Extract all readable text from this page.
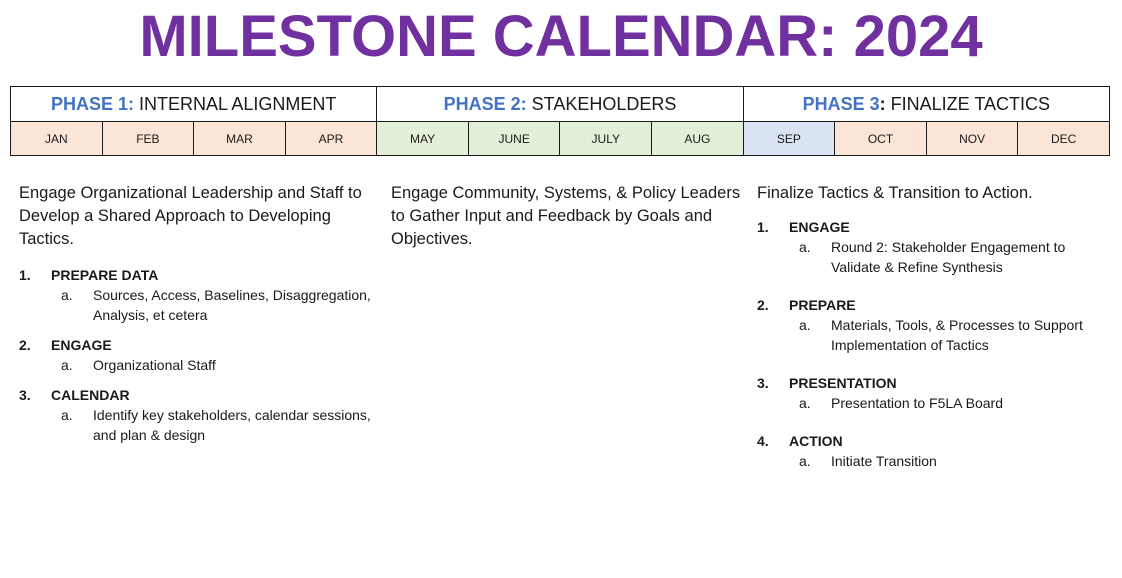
MILESTONE CALENDAR: 2024
PHASE 1: INTERNAL ALIGNMENT	PHASE 2: STAKEHOLDERS	PHASE 3 : FINALIZE TACTICS
JAN	FEB	MAR	APR	MAY	JUNE	JULY	AUG	SEP	OCT	NOV	DEC
Engage Organizational Leadership and Staff to Develop a Shared Approach to Developing Tactics.
1.	PREPARE DATA
a.	Sources, Access, Baselines, Disaggregation, Analysis, et cetera
2.	ENGAGE
a.	Organizational Staff
3.	CALENDAR
a.	Identify key stakeholders, calendar sessions, and plan & design
Engage Community, Systems, & Policy Leaders to Gather Input and Feedback by Goals and Objectives.
Finalize Tactics & Transition to Action.
1.	ENGAGE
a.	Round 2: Stakeholder Engagement to Validate & Refine Synthesis
2.	PREPARE
a.	Materials, Tools, & Processes to Support Implementation of Tactics
3.	PRESENTATION
a.	Presentation to F5LA Board
4.	ACTION
a.	Initiate Transition
